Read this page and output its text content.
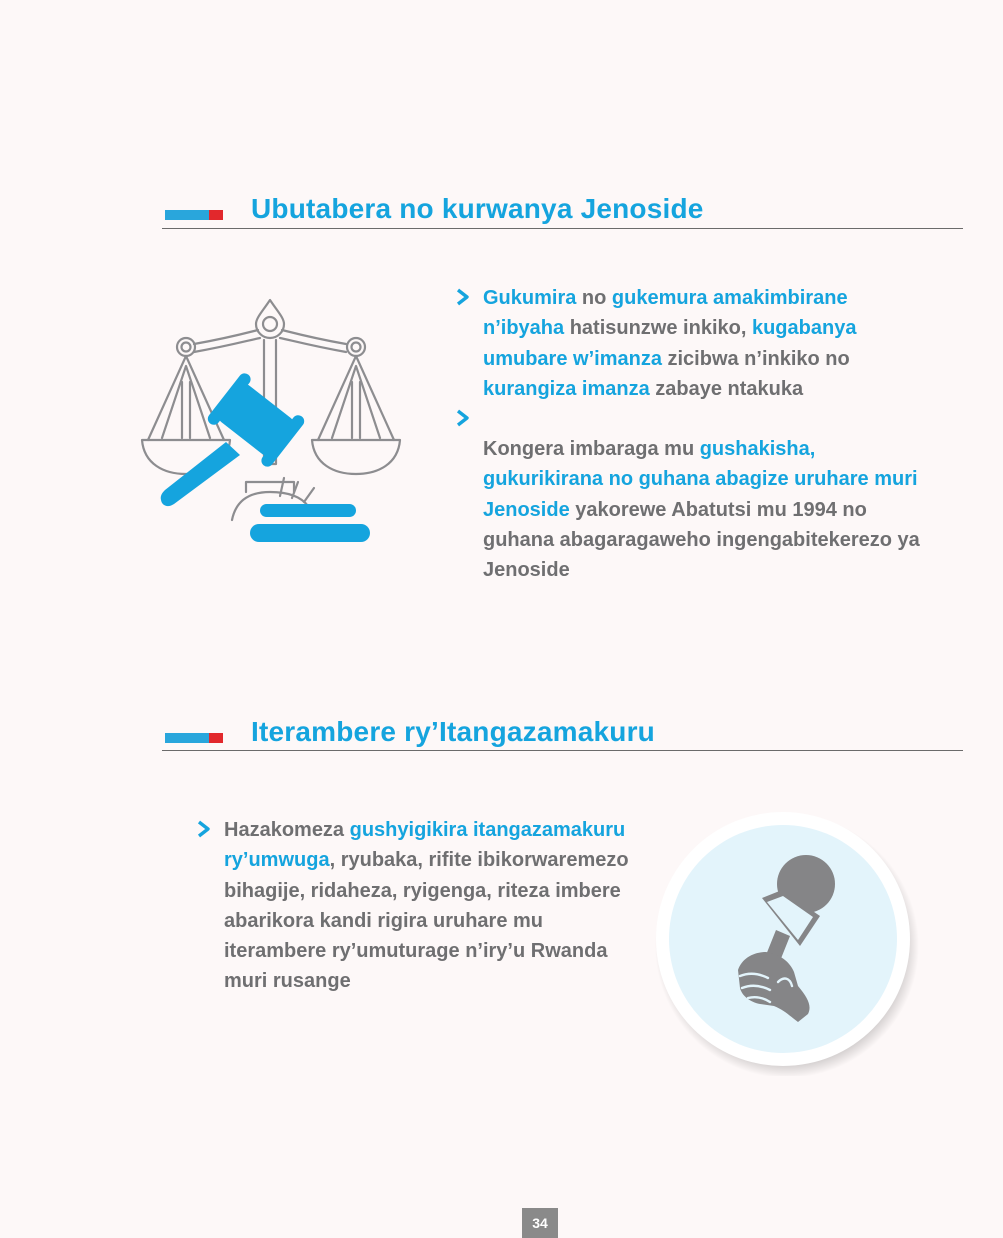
Ubutabera no kurwanya Jenoside
Gukumira no gukemura amakimbirane n’ibyaha hatisunzwe inkiko, kugabanya umubare w’imanza zicibwa n’inkiko no kurangiza imanza zabaye ntakuka
Kongera imbaraga mu gushakisha, gukurikirana no guhana abagize uruhare muri Jenoside yakorewe Abatutsi mu 1994 no guhana abagaragaweho ingengabitekerezo ya Jenoside
Iterambere ry’Itangazamakuru
Hazakomeza gushyigikira itangazamakuru ry’umwuga, ryubaka, rifite ibikorwaremezo bihagije, ridaheza, ryigenga, riteza imbere abarikora kandi rigira uruhare mu iterambere ry’umuturage n’iry’u Rwanda muri rusange
34
